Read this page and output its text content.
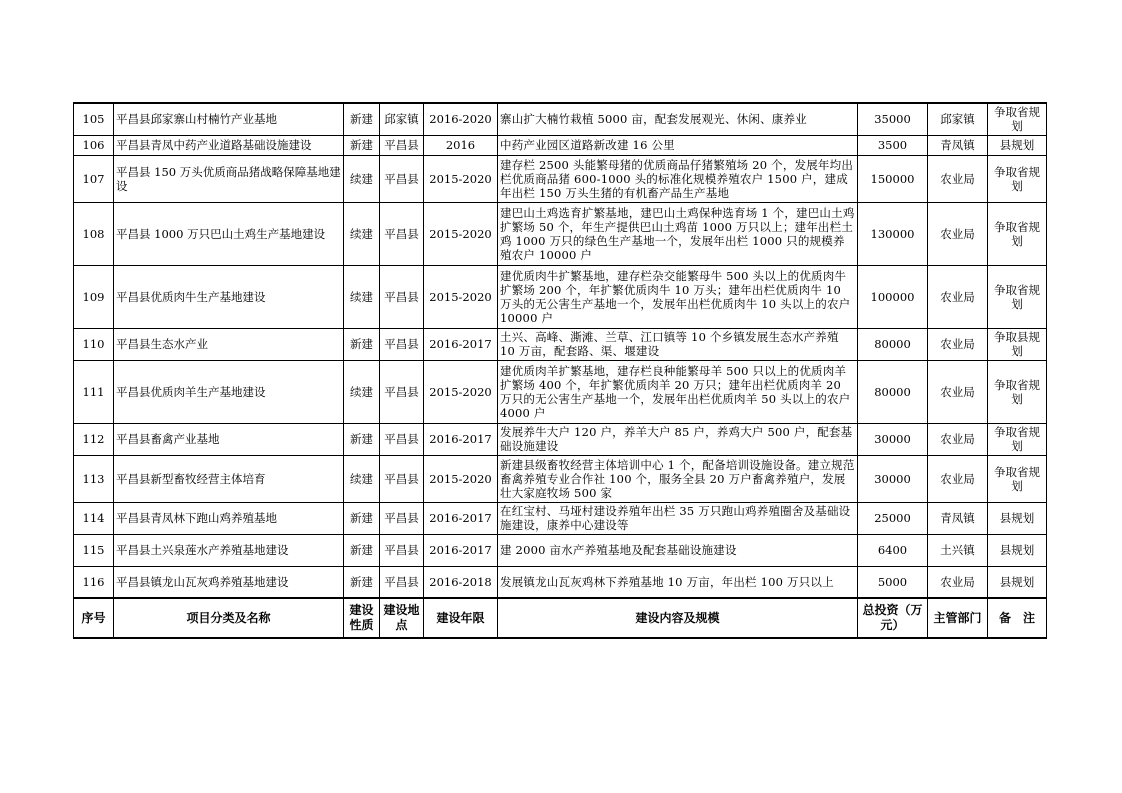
105	平昌县邱家寨山村楠竹产业基地	新建	邱家镇	2016-2020	寨山扩大楠竹栽植 5000 亩，配套发展观光、休闲、康养业	35000	邱家镇	争取省规划
106	平昌县青凤中药产业道路基础设施建设	新建	平昌县	2016	中药产业园区道路新改建 16 公里	3500	青凤镇	县规划
107	平昌县 150 万头优质商品猪战略保障基地建设	续建	平昌县	2015-2020	建存栏 2500 头能繁母猪的优质商品仔猪繁殖场 20 个，发展年均出栏优质商品猪 600-1000 头的标准化规模养殖农户 1500 户，建成年出栏 150 万头生猪的有机畜产品生产基地	150000	农业局	争取省规划
108	平昌县 1000 万只巴山土鸡生产基地建设	续建	平昌县	2015-2020	建巴山土鸡选育扩繁基地，建巴山土鸡保种选育场 1 个，建巴山土鸡扩繁场 50 个，年生产提供巴山土鸡苗 1000 万只以上；建年出栏土鸡 1000 万只的绿色生产基地一个，发展年出栏 1000 只的规模养殖农户 10000 户	130000	农业局	争取省规划
109	平昌县优质肉牛生产基地建设	续建	平昌县	2015-2020	建优质肉牛扩繁基地，建存栏杂交能繁母牛 500 头以上的优质肉牛扩繁场 200 个，年扩繁优质肉牛 10 万头；建年出栏优质肉牛 10 万头的无公害生产基地一个，发展年出栏优质肉牛 10 头以上的农户 10000 户	100000	农业局	争取省规划
110	平昌县生态水产业	新建	平昌县	2016-2017	土兴、高峰、澌滩、兰草、江口镇等 10 个乡镇发展生态水产养殖 10 万亩，配套路、渠、堰建设	80000	农业局	争取县规划
111	平昌县优质肉羊生产基地建设	续建	平昌县	2015-2020	建优质肉羊扩繁基地，建存栏良种能繁母羊 500 只以上的优质肉羊扩繁场 400 个，年扩繁优质肉羊 20 万只；建年出栏优质肉羊 20 万只的无公害生产基地一个，发展年出栏优质肉羊 50 头以上的农户 4000 户	80000	农业局	争取省规划
112	平昌县畜禽产业基地	新建	平昌县	2016-2017	发展养牛大户 120 户，养羊大户 85 户，养鸡大户 500 户，配套基础设施建设	30000	农业局	争取省规划
113	平昌县新型畜牧经营主体培育	续建	平昌县	2015-2020	新建县级畜牧经营主体培训中心 1 个，配备培训设施设备。建立规范畜禽养殖专业合作社 100 个，服务全县 20 万户畜禽养殖户，发展壮大家庭牧场 500 家	30000	农业局	争取省规划
114	平昌县青凤林下跑山鸡养殖基地	新建	平昌县	2016-2017	在红宝村、马垭村建设养殖年出栏 35 万只跑山鸡养殖圈舍及基础设施建设，康养中心建设等	25000	青凤镇	县规划
115	平昌县土兴泉莲水产养殖基地建设	新建	平昌县	2016-2017	建 2000 亩水产养殖基地及配套基础设施建设	6400	土兴镇	县规划
116	平昌县镇龙山瓦灰鸡养殖基地建设	新建	平昌县	2016-2018	发展镇龙山瓦灰鸡林下养殖基地 10 万亩，年出栏 100 万只以上	5000	农业局	县规划
序号	项目分类及名称	建设性质	建设地点	建设年限	建设内容及规模	总投资（万元）	主管部门	备　注
